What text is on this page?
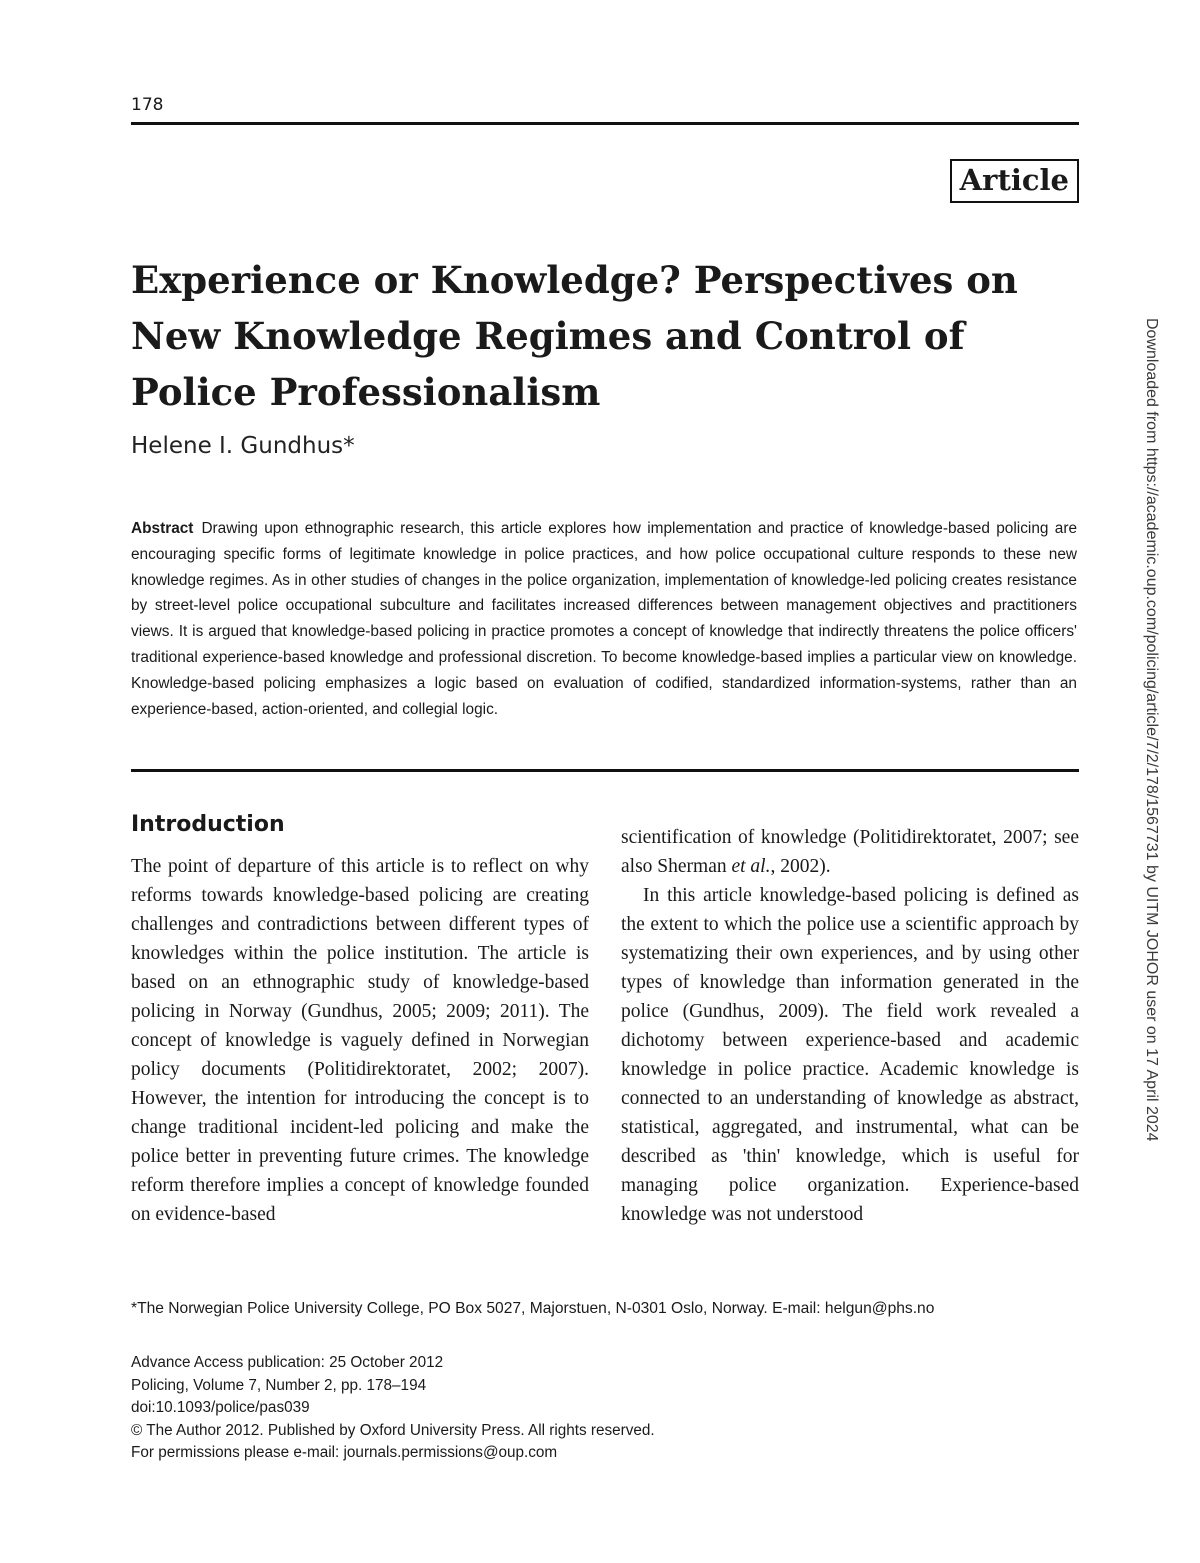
178
Article
Experience or Knowledge? Perspectives on
New Knowledge Regimes and Control of
Police Professionalism
Helene I. Gundhus*

Abstract Drawing upon ethnographic research, this article explores how implementation and practice of knowledge-based policing are encouraging specific forms of legitimate knowledge in police practices, and how police occupational culture responds to these new knowledge regimes. As in other studies of changes in the police organization, implementation of knowledge-led policing creates resistance by street-level police occupational subculture and facilitates increased differences between management objectives and practitioners views. It is argued that knowledge-based policing in practice promotes a concept of knowledge that indirectly threatens the police officers' traditional experience-based knowledge and professional discretion. To become knowledge-based implies a particular view on knowledge. Knowledge-based policing emphasizes a logic based on evaluation of codified, standardized information-systems, rather than an experience-based, action-oriented, and collegial logic.

Introduction

The point of departure of this article is to reflect on why reforms towards knowledge-based policing are creating challenges and contradictions between different types of knowledges within the police institution. The article is based on an ethnographic study of knowledge-based policing in Norway (Gundhus, 2005; 2009; 2011). The concept of knowledge is vaguely defined in Norwegian policy documents (Politidirektoratet, 2002; 2007). However, the intention for introducing the concept is to change traditional incident-led policing and make the police better in preventing future crimes. The knowledge reform therefore implies a concept of knowledge founded on evidence-based

scientification of knowledge (Politidirektoratet, 2007; see also Sherman et al., 2002).

In this article knowledge-based policing is defined as the extent to which the police use a scientific approach by systematizing their own experiences, and by using other types of knowledge than information generated in the police (Gundhus, 2009). The field work revealed a dichotomy between experience-based and academic knowledge in police practice. Academic knowledge is connected to an understanding of knowledge as abstract, statistical, aggregated, and instrumental, what can be described as 'thin' knowledge, which is useful for managing police organization. Experience-based knowledge was not understood

*The Norwegian Police University College, PO Box 5027, Majorstuen, N-0301 Oslo, Norway. E-mail: helgun@phs.no
Advance Access publication: 25 October 2012
Policing, Volume 7, Number 2, pp. 178–194
doi:10.1093/police/pas039
© The Author 2012. Published by Oxford University Press. All rights reserved.
For permissions please e-mail: journals.permissions@oup.com
Downloaded from https://academic.oup.com/policing/article/7/2/178/1567731 by UITM JOHOR user on 17 April 2024
